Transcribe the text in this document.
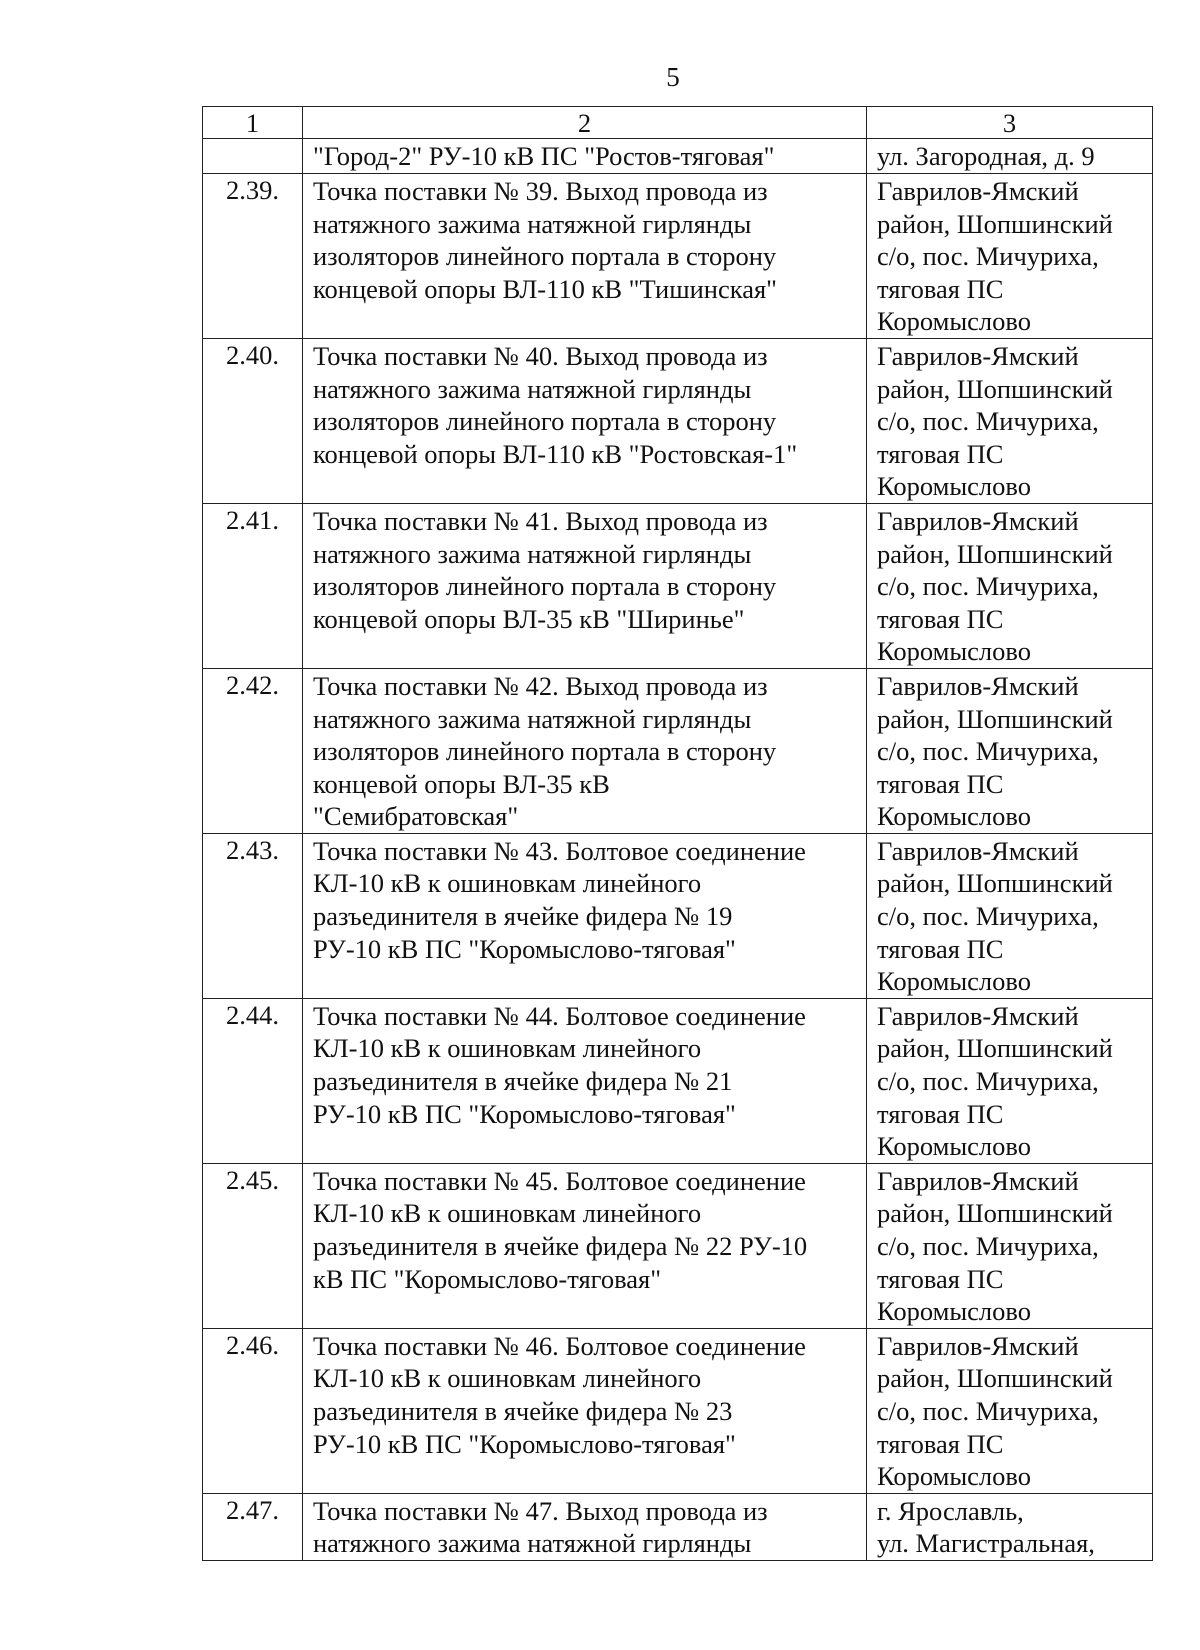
5
1	2	3

	"Город-2" РУ-10 кВ ПС "Ростов-тяговая"	ул. Загородная, д. 9

2.39.	Точка поставки № 39. Выход провода из
натяжного зажима натяжной гирлянды
изоляторов линейного портала в сторону
концевой опоры ВЛ-110 кВ "Тишинская"	Гаврилов-Ямский
район, Шопшинский
с/о, пос. Мичуриха,
тяговая ПС
Коромыслово

2.40.	Точка поставки № 40. Выход провода из
натяжного зажима натяжной гирлянды
изоляторов линейного портала в сторону
концевой опоры ВЛ-110 кВ "Ростовская-1"	Гаврилов-Ямский
район, Шопшинский
с/о, пос. Мичуриха,
тяговая ПС
Коромыслово

2.41.	Точка поставки № 41. Выход провода из
натяжного зажима натяжной гирлянды
изоляторов линейного портала в сторону
концевой опоры ВЛ-35 кВ "Ширинье"	Гаврилов-Ямский
район, Шопшинский
с/о, пос. Мичуриха,
тяговая ПС
Коромыслово

2.42.	Точка поставки № 42. Выход провода из
натяжного зажима натяжной гирлянды
изоляторов линейного портала в сторону
концевой опоры ВЛ-35 кВ
"Семибратовская"	Гаврилов-Ямский
район, Шопшинский
с/о, пос. Мичуриха,
тяговая ПС
Коромыслово

2.43.	Точка поставки № 43. Болтовое соединение
КЛ-10 кВ к ошиновкам линейного
разъединителя в ячейке фидера № 19
РУ-10 кВ ПС "Коромыслово-тяговая"	Гаврилов-Ямский
район, Шопшинский
с/о, пос. Мичуриха,
тяговая ПС
Коромыслово

2.44.	Точка поставки № 44. Болтовое соединение
КЛ-10 кВ к ошиновкам линейного
разъединителя в ячейке фидера № 21
РУ-10 кВ ПС "Коромыслово-тяговая"	Гаврилов-Ямский
район, Шопшинский
с/о, пос. Мичуриха,
тяговая ПС
Коромыслово

2.45.	Точка поставки № 45. Болтовое соединение
КЛ-10 кВ к ошиновкам линейного
разъединителя в ячейке фидера № 22 РУ-10
кВ ПС "Коромыслово-тяговая"	Гаврилов-Ямский
район, Шопшинский
с/о, пос. Мичуриха,
тяговая ПС
Коромыслово

2.46.	Точка поставки № 46. Болтовое соединение
КЛ-10 кВ к ошиновкам линейного
разъединителя в ячейке фидера № 23
РУ-10 кВ ПС "Коромыслово-тяговая"	Гаврилов-Ямский
район, Шопшинский
с/о, пос. Мичуриха,
тяговая ПС
Коромыслово

2.47.	Точка поставки № 47. Выход провода из
натяжного зажима натяжной гирлянды	г. Ярославль,
ул. Магистральная,
